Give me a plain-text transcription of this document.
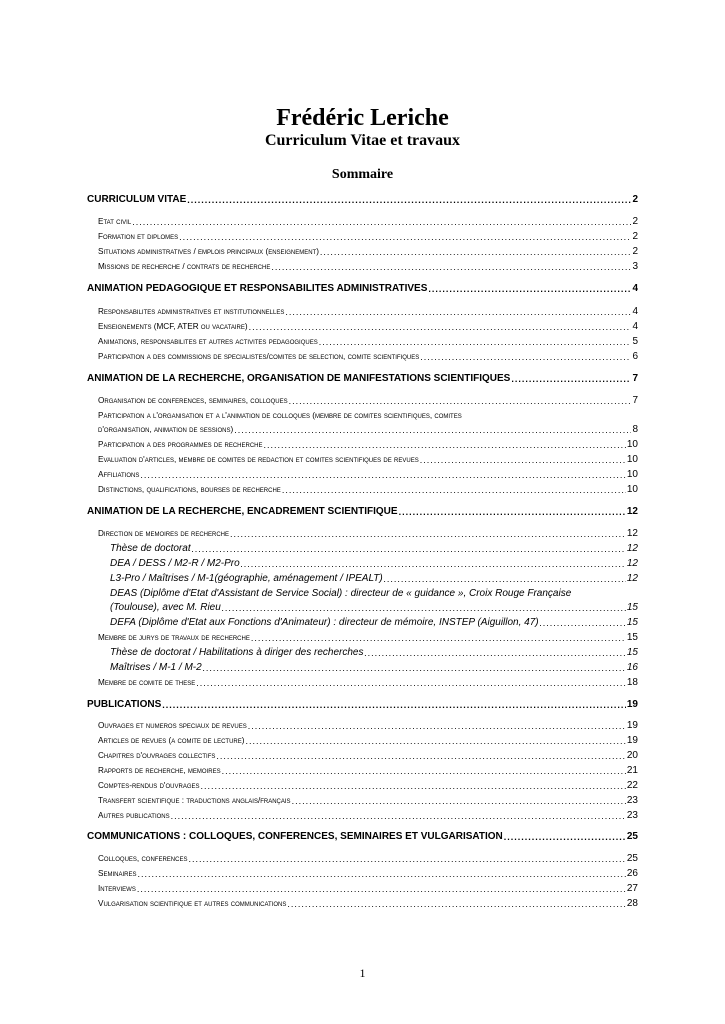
Frédéric Leriche
Curriculum Vitae et travaux
Sommaire
CURRICULUM VITAE .....	2
Etat civil .....	2
Formation et diplomes .....	2
Situations administratives / emplois principaux (enseignement) .....	2
Missions de recherche / contrats de recherche .....	3
ANIMATION PEDAGOGIQUE ET RESPONSABILITES ADMINISTRATIVES .....	4
Responsabilites administratives et institutionnelles .....	4
Enseignements (MCF, ATER ou vacataire) .....	4
Animations, responsabilites et autres activites pedagogiques .....	5
Participation a des commissions de specialistes/comites de selection, comite scientifiques .....	6
ANIMATION DE LA RECHERCHE, ORGANISATION DE MANIFESTATIONS SCIENTIFIQUES .....	7
Organisation de conferences, seminaires, colloques .....	7
Participation a l'organisation et a l'animation de colloques (membre de comites scientifiques, comites
d'organisation, animation de sessions) .....	8
Participation a des programmes de recherche .....	10
Evaluation d'articles, membre de comites de redaction et comites scientifiques de revues .....	10
Affiliations .....	10
Distinctions, qualifications, bourses de recherche .....	10
ANIMATION DE LA RECHERCHE, ENCADREMENT SCIENTIFIQUE .....	12
Direction de memoires de recherche .....	12
Thèse de doctorat .....	12
DEA / DESS / M2-R / M2-Pro .....	12
L3-Pro / Maîtrises / M-1(géographie, aménagement / IPEALT) .....	12
DEAS (Diplôme d'Etat d'Assistant de Service Social) : directeur de « guidance », Croix Rouge Française
(Toulouse), avec M. Rieu .....	15
DEFA (Diplôme d'Etat aux Fonctions d'Animateur) : directeur de mémoire, INSTEP (Aiguillon, 47) .....	15
Membre de jurys de travaux de recherche .....	15
Thèse de doctorat / Habilitations à diriger des recherches .....	15
Maîtrises / M-1 / M-2 .....	16
Membre de comite de these .....	18
PUBLICATIONS .....	19
Ouvrages et numeros speciaux de revues .....	19
Articles de revues (a comite de lecture) .....	19
Chapitres d'ouvrages collectifs .....	20
Rapports de recherche, memoires .....	21
Comptes-rendus d'ouvrages .....	22
Transfert scientifique : traductions anglais/français .....	23
Autres publications .....	23
COMMUNICATIONS : COLLOQUES, CONFERENCES, SEMINAIRES ET VULGARISATION .....	25
Colloques, conferences .....	25
Seminaires .....	26
Interviews .....	27
Vulgarisation scientifique et autres communications .....	28
1
